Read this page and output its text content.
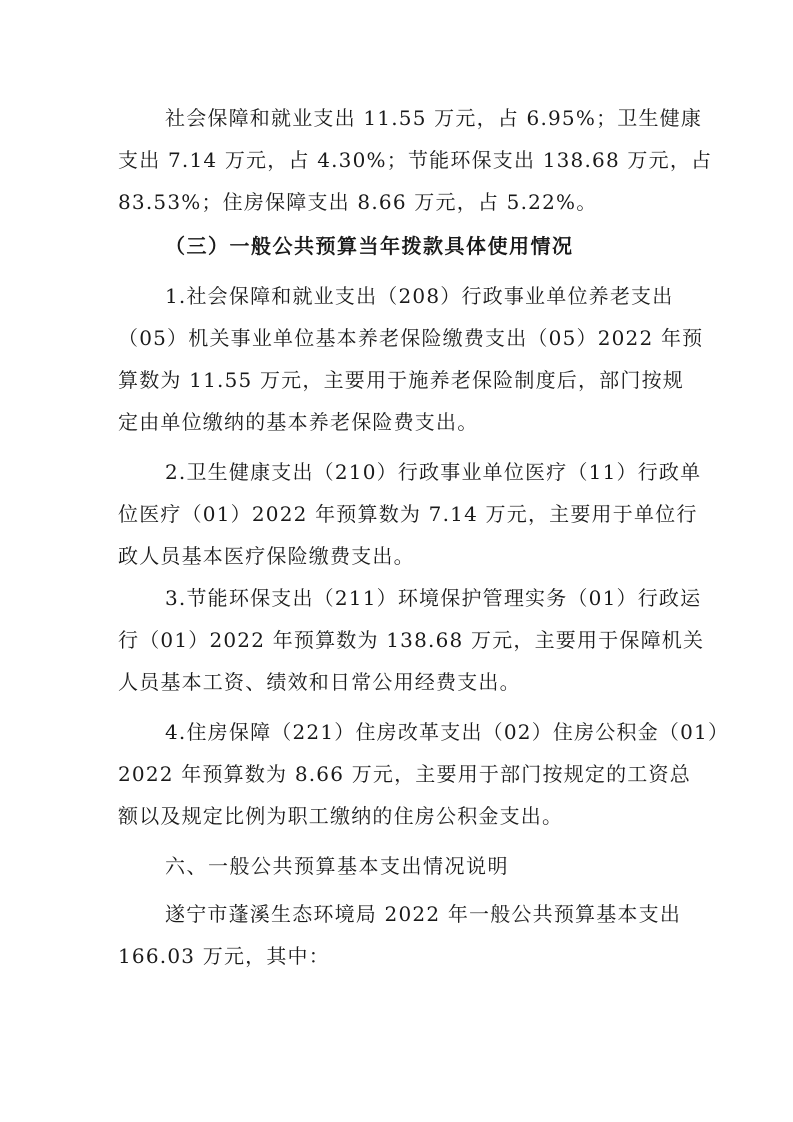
社会保障和就业支出 11.55 万元，占 6.95%；卫生健康
支出 7.14 万元，占 4.30%；节能环保支出 138.68 万元，占
83.53%；住房保障支出 8.66 万元，占 5.22%。
（三）一般公共预算当年拨款具体使用情况
1.社会保障和就业支出（208）行政事业单位养老支出
（05）机关事业单位基本养老保险缴费支出（05）2022 年预
算数为 11.55 万元，主要用于施养老保险制度后，部门按规
定由单位缴纳的基本养老保险费支出。
2.卫生健康支出（210）行政事业单位医疗（11）行政单
位医疗（01）2022 年预算数为 7.14 万元，主要用于单位行
政人员基本医疗保险缴费支出。
3.节能环保支出（211）环境保护管理实务（01）行政运
行（01）2022 年预算数为 138.68 万元，主要用于保障机关
人员基本工资、绩效和日常公用经费支出。
4.住房保障（221）住房改革支出（02）住房公积金（01）
2022 年预算数为 8.66 万元，主要用于部门按规定的工资总
额以及规定比例为职工缴纳的住房公积金支出。
六、一般公共预算基本支出情况说明
遂宁市蓬溪生态环境局 2022 年一般公共预算基本支出
166.03 万元，其中：
